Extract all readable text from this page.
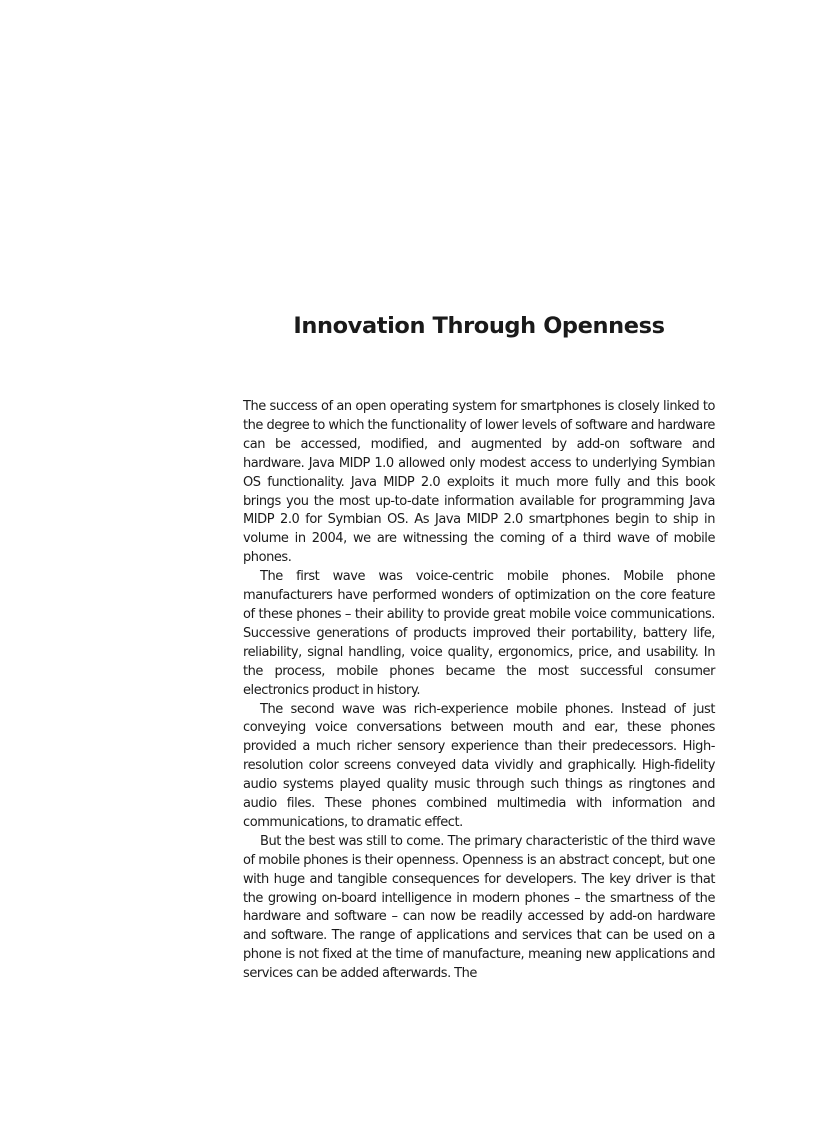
Innovation Through Openness

The success of an open operating system for smartphones is closely linked to the degree to which the functionality of lower levels of software and hardware can be accessed, modified, and augmented by add-on software and hardware. Java MIDP 1.0 allowed only modest access to underlying Symbian OS functionality. Java MIDP 2.0 exploits it much more fully and this book brings you the most up-to-date information available for programming Java MIDP 2.0 for Symbian OS. As Java MIDP 2.0 smartphones begin to ship in volume in 2004, we are witnessing the coming of a third wave of mobile phones.

The first wave was voice-centric mobile phones. Mobile phone manufacturers have performed wonders of optimization on the core feature of these phones – their ability to provide great mobile voice communications. Successive generations of products improved their portability, battery life, reliability, signal handling, voice quality, ergonomics, price, and usability. In the process, mobile phones became the most successful consumer electronics product in history.

The second wave was rich-experience mobile phones. Instead of just conveying voice conversations between mouth and ear, these phones provided a much richer sensory experience than their predecessors. High-resolution color screens conveyed data vividly and graphically. High-fidelity audio systems played quality music through such things as ringtones and audio files. These phones combined multimedia with information and communications, to dramatic effect.

But the best was still to come. The primary characteristic of the third wave of mobile phones is their openness. Openness is an abstract concept, but one with huge and tangible consequences for developers. The key driver is that the growing on-board intelligence in modern phones – the smartness of the hardware and software – can now be readily accessed by add-on hardware and software. The range of applications and services that can be used on a phone is not fixed at the time of manufacture, meaning new applications and services can be added afterwards. The
